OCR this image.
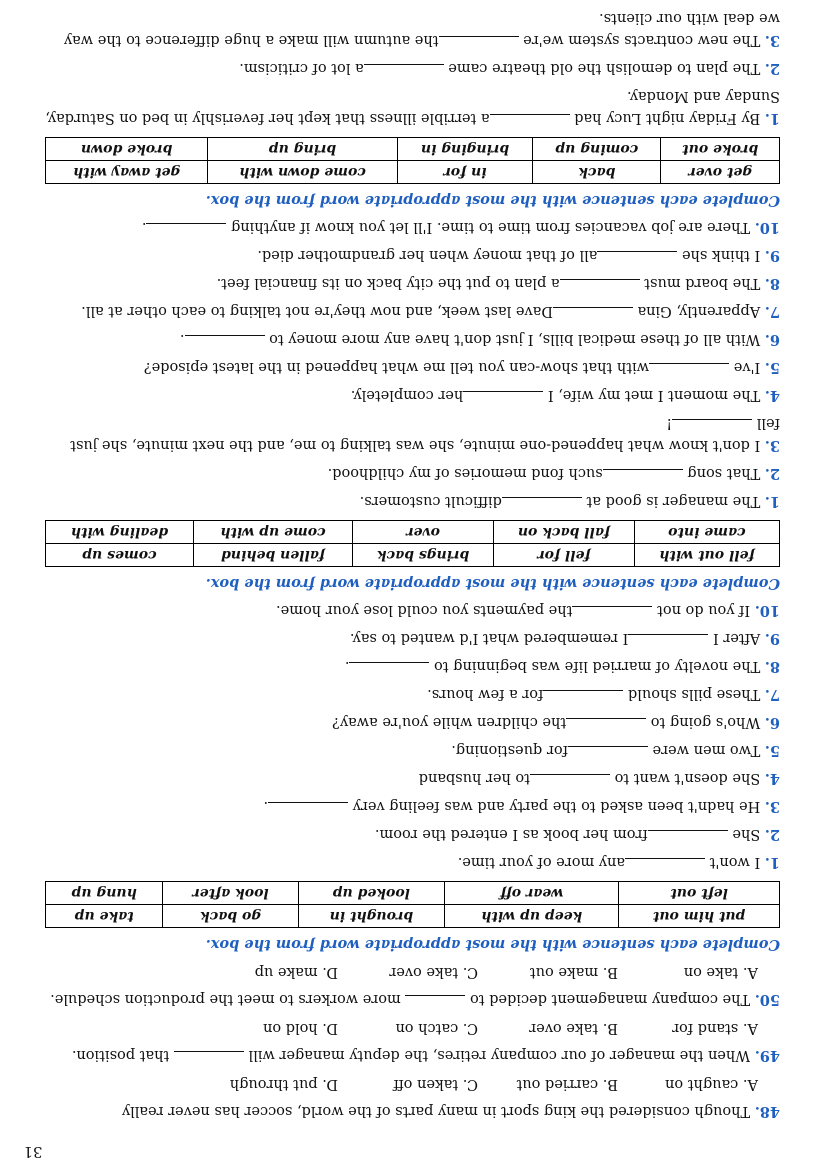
31
48. Though considered the king sport in many parts of the world, soccer has never really
A. caught on
B. carried out
C. taken off
D. put through
49. When the manager of our company retires, the deputy manager will  that position.
A. stand for
B. take over
C. catch on
D. hold on
50. The company management decided to  more workers to meet the production schedule.
A. take on
B. make out
C. take over
D. make up
Complete each sentence with the most appropriate word from the box.
put him out	keep up with	brought in	go back	take up
left out	wear off	looked up	look after	hung up
1. I won't any more of your time.
2. She from her book as I entered the room.
3. He hadn't been asked to the party and was feeling very .
4. She doesn't want to to her husband
5. Two men were for questioning.
6. Who's going to the children while you're away?
7. These pills should for a few hours.
8. The novelty of married life was beginning to .
9. After I I remembered what I'd wanted to say.
10. If you do not the payments you could lose your home.
Complete each sentence with the most appropriate word from the box.
fell out with	fell for	brings back	fallen behind	comes up
came into	fall back on	over	come up with	dealing with
1. The manager is good at difficult customers.
2. That song such fond memories of my childhood.
3. I don't know what happened-one minute, she was talking to me, and the next minute, she just fell !
4. The moment I met my wife, I her completely.
5. I've with that show-can you tell me what happened in the latest episode?
6. With all of these medical bills, I just don't have any more money to .
7. Apparently, Gina Dave last week, and now they're not talking to each other at all.
8. The board must a plan to put the city back on its financial feet.
9. I think she all of that money when her grandmother died.
10. There are job vacancies from time to time. I'll let you know if anything .
Complete each sentence with the most appropriate word from the box.
get over	back	in for	come down with	get away with
broke out	coming up	bringing in	bring up	broke down
1. By Friday night Lucy had a terrible illness that kept her feverishly in bed on Saturday, Sunday and Monday.
2. The plan to demolish the old theatre came a lot of criticism.
3. The new contracts system we're the autumn will make a huge difference to the way we deal with our clients.
